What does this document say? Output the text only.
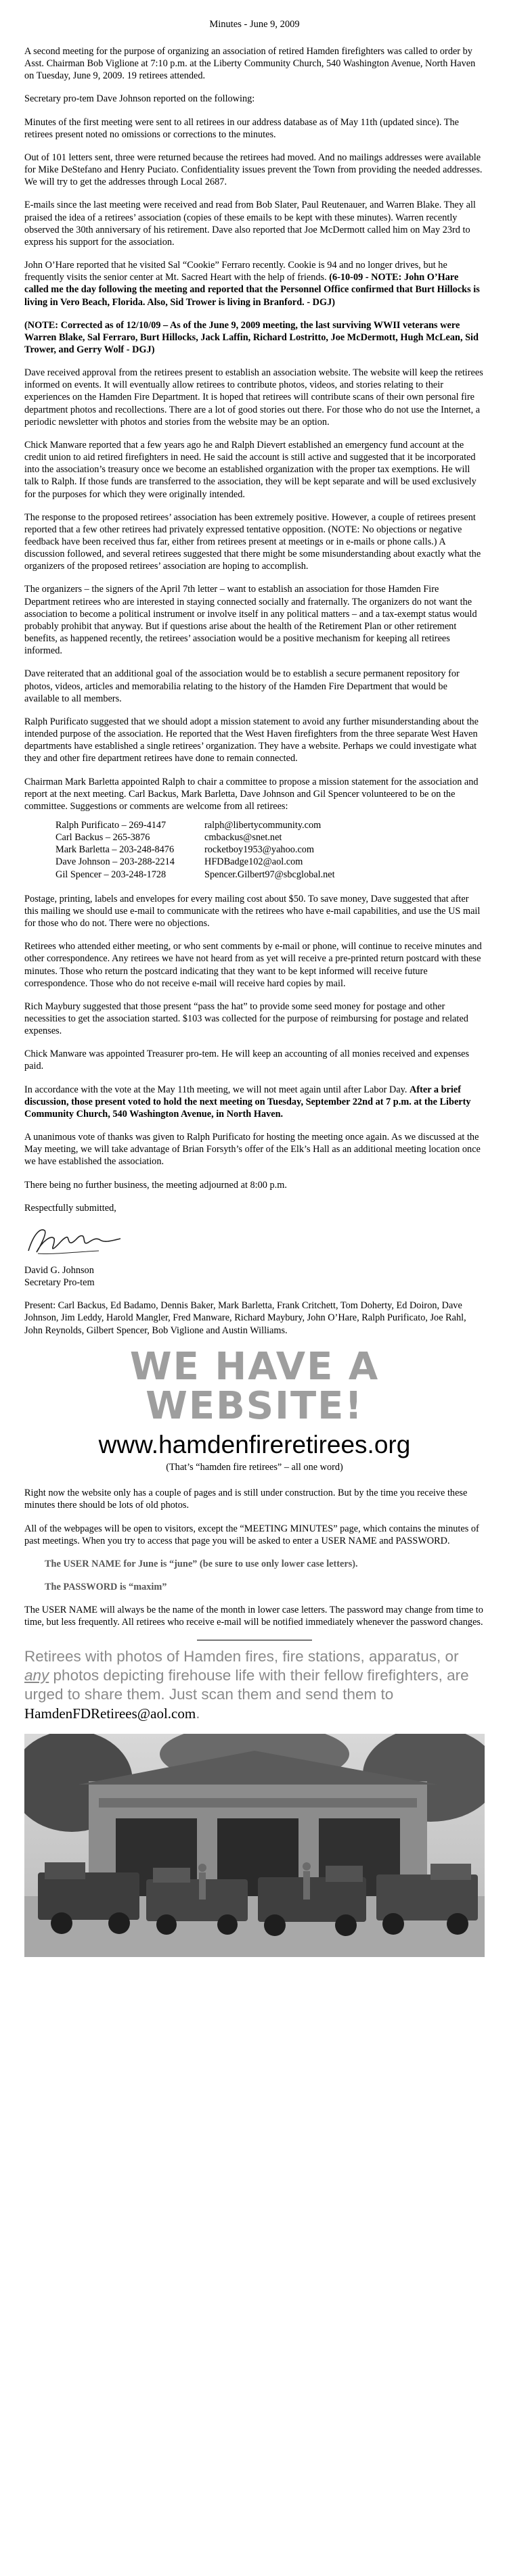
Minutes - June 9, 2009

A second meeting for the purpose of organizing an association of retired Hamden firefighters was called to order by Asst. Chairman Bob Viglione at 7:10 p.m. at the Liberty Community Church, 540 Washington Avenue, North Haven on Tuesday, June 9, 2009. 19 retirees attended.

Secretary pro-tem Dave Johnson reported on the following:

Minutes of the first meeting were sent to all retirees in our address database as of May 11th (updated since). The retirees present noted no omissions or corrections to the minutes.

Out of 101 letters sent, three were returned because the retirees had moved. And no mailings addresses were available for Mike DeStefano and Henry Puciato. Confidentiality issues prevent the Town from providing the needed addresses. We will try to get the addresses through Local 2687.

E-mails since the last meeting were received and read from Bob Slater, Paul Reutenauer, and Warren Blake. They all praised the idea of a retirees’ association (copies of these emails to be kept with these minutes). Warren recently observed the 30th anniversary of his retirement. Dave also reported that Joe McDermott called him on May 23rd to express his support for the association.

John O’Hare reported that he visited Sal “Cookie” Ferraro recently. Cookie is 94 and no longer drives, but he frequently visits the senior center at Mt. Sacred Heart with the help of friends. (6-10-09 - NOTE: John O’Hare called me the day following the meeting and reported that the Personnel Office confirmed that Burt Hillocks is living in Vero Beach, Florida. Also, Sid Trower is living in Branford. - DGJ)

(NOTE: Corrected as of 12/10/09 – As of the June 9, 2009 meeting, the last surviving WWII veterans were Warren Blake, Sal Ferraro, Burt Hillocks, Jack Laffin, Richard Lostritto, Joe McDermott, Hugh McLean, Sid Trower, and Gerry Wolf - DGJ)

Dave received approval from the retirees present to establish an association website. The website will keep the retirees informed on events. It will eventually allow retirees to contribute photos, videos, and stories relating to their experiences on the Hamden Fire Department. It is hoped that retirees will contribute scans of their own personal fire department photos and recollections. There are a lot of good stories out there. For those who do not use the Internet, a periodic newsletter with photos and stories from the website may be an option.

Chick Manware reported that a few years ago he and Ralph Dievert established an emergency fund account at the credit union to aid retired firefighters in need. He said the account is still active and suggested that it be incorporated into the association’s treasury once we become an established organization with the proper tax exemptions. He will talk to Ralph. If those funds are transferred to the association, they will be kept separate and will be used exclusively for the purposes for which they were originally intended.

The response to the proposed retirees’ association has been extremely positive. However, a couple of retirees present reported that a few other retirees had privately expressed tentative opposition. (NOTE: No objections or negative feedback have been received thus far, either from retirees present at meetings or in e-mails or phone calls.) A discussion followed, and several retirees suggested that there might be some misunderstanding about exactly what the organizers of the proposed retirees’ association are hoping to accomplish.

The organizers – the signers of the April 7th letter – want to establish an association for those Hamden Fire Department retirees who are interested in staying connected socially and fraternally. The organizers do not want the association to become a political instrument or involve itself in any political matters – and a tax-exempt status would probably prohibit that anyway. But if questions arise about the health of the Retirement Plan or other retirement benefits, as happened recently, the retirees’ association would be a positive mechanism for keeping all retirees informed.

Dave reiterated that an additional goal of the association would be to establish a secure permanent repository for photos, videos, articles and memorabilia relating to the history of the Hamden Fire Department that would be available to all members.

Ralph Purificato suggested that we should adopt a mission statement to avoid any further misunderstanding about the intended purpose of the association. He reported that the West Haven firefighters from the three separate West Haven departments have established a single retirees’ organization. They have a website. Perhaps we could investigate what they and other fire department retirees have done to remain connected.

Chairman Mark Barletta appointed Ralph to chair a committee to propose a mission statement for the association and report at the next meeting. Carl Backus, Mark Barletta, Dave Johnson and Gil Spencer volunteered to be on the committee. Suggestions or comments are welcome from all retirees:

Ralph Purificato – 269-4147	ralph@libertycommunity.com
Carl Backus – 265-3876	cmbackus@snet.net
Mark Barletta – 203-248-8476	rocketboy1953@yahoo.com
Dave Johnson – 203-288-2214	HFDBadge102@aol.com
Gil Spencer – 203-248-1728	Spencer.Gilbert97@sbcglobal.net

Postage, printing, labels and envelopes for every mailing cost about $50. To save money, Dave suggested that after this mailing we should use e-mail to communicate with the retirees who have e-mail capabilities, and use the US mail for those who do not. There were no objections.

Retirees who attended either meeting, or who sent comments by e-mail or phone, will continue to receive minutes and other correspondence. Any retirees we have not heard from as yet will receive a pre-printed return postcard with these minutes. Those who return the postcard indicating that they want to be kept informed will receive future correspondence. Those who do not receive e-mail will receive hard copies by mail.

Rich Maybury suggested that those present “pass the hat” to provide some seed money for postage and other necessities to get the association started. $103 was collected for the purpose of reimbursing for postage and related expenses.

Chick Manware was appointed Treasurer pro-tem. He will keep an accounting of all monies received and expenses paid.

In accordance with the vote at the May 11th meeting, we will not meet again until after Labor Day. After a brief discussion, those present voted to hold the next meeting on Tuesday, September 22nd at 7 p.m. at the Liberty Community Church, 540 Washington Avenue, in North Haven.

A unanimous vote of thanks was given to Ralph Purificato for hosting the meeting once again. As we discussed at the May meeting, we will take advantage of Brian Forsyth’s offer of the Elk’s Hall as an additional meeting location once we have established the association.

There being no further business, the meeting adjourned at 8:00 p.m.

Respectfully submitted,

David G. Johnson
Secretary Pro-tem

Present: Carl Backus, Ed Badamo, Dennis Baker, Mark Barletta, Frank Critchett, Tom Doherty, Ed Doiron, Dave Johnson, Jim Leddy, Harold Mangler, Fred Manware, Richard Maybury, John O’Hare, Ralph Purificato, Joe Rahl, John Reynolds, Gilbert Spencer, Bob Viglione and Austin Williams.

WE HAVE A WEBSITE!
www.hamdenfireretirees.org
(That’s “hamden fire retirees” – all one word)

Right now the website only has a couple of pages and is still under construction. But by the time you receive these minutes there should be lots of old photos.

All of the webpages will be open to visitors, except the “MEETING MINUTES” page, which contains the minutes of past meetings. When you try to access that page you will be asked to enter a USER NAME and PASSWORD.

The USER NAME for June is “june” (be sure to use only lower case letters).

The PASSWORD is “maxim”

The USER NAME will always be the name of the month in lower case letters. The password may change from time to time, but less frequently. All retirees who receive e-mail will be notified immediately whenever the password changes.

Retirees with photos of Hamden fires, fire stations, apparatus, or any photos depicting firehouse life with their fellow firefighters, are urged to share them. Just scan them and send them to HamdenFDRetirees@aol.com.
